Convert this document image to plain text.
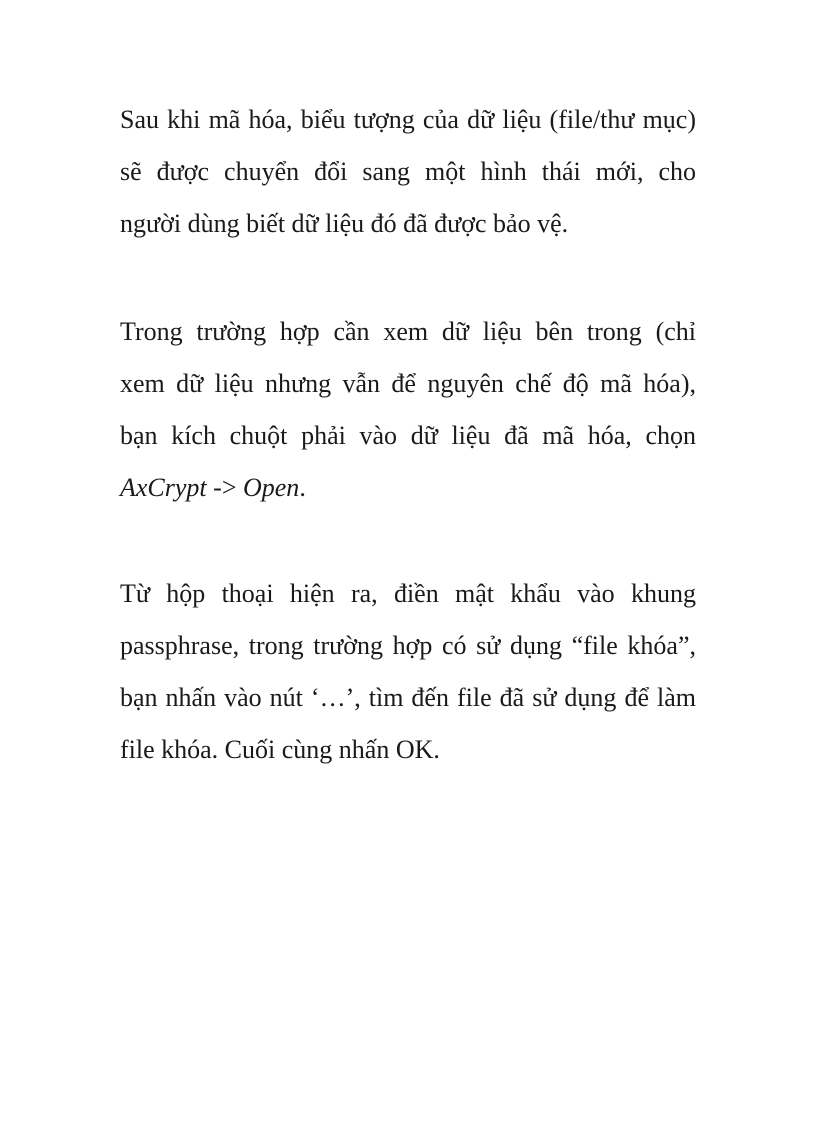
Sau khi mã hóa, biểu tượng của dữ liệu (file/thư mục)
sẽ được chuyển đổi sang một hình thái mới, cho
người dùng biết dữ liệu đó đã được bảo vệ.
Trong trường hợp cần xem dữ liệu bên trong (chỉ
xem dữ liệu nhưng vẫn để nguyên chế độ mã hóa),
bạn kích chuột phải vào dữ liệu đã mã hóa, chọn
AxCrypt -> Open.
Từ hộp thoại hiện ra, điền mật khẩu vào khung
passphrase, trong trường hợp có sử dụng “file khóa”,
bạn nhấn vào nút ‘…’, tìm đến file đã sử dụng để làm
file khóa. Cuối cùng nhấn OK.
